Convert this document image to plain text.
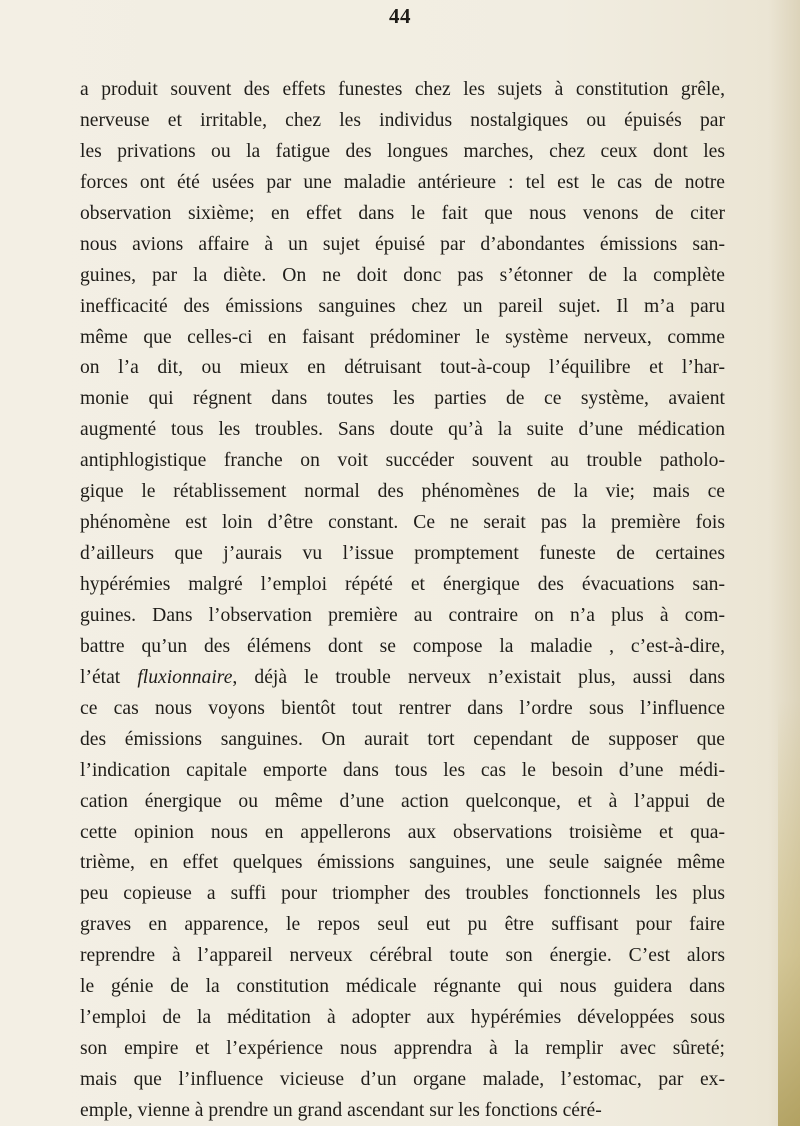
44
a produit souvent des effets funestes chez les sujets à constitution grêle,
nerveuse et irritable, chez les individus nostalgiques ou épuisés par
les privations ou la fatigue des longues marches, chez ceux dont les
forces ont été usées par une maladie antérieure : tel est le cas de notre
observation sixième; en effet dans le fait que nous venons de citer
nous avions affaire à un sujet épuisé par d’abondantes émissions san-
guines, par la diète. On ne doit donc pas s’étonner de la complète
inefficacité des émissions sanguines chez un pareil sujet. Il m’a paru
même que celles-ci en faisant prédominer le système nerveux, comme
on l’a dit, ou mieux en détruisant tout-à-coup l’équilibre et l’har-
monie qui régnent dans toutes les parties de ce système, avaient
augmenté tous les troubles. Sans doute qu’à la suite d’une médication
antiphlogistique franche on voit succéder souvent au trouble patholo-
gique le rétablissement normal des phénomènes de la vie; mais ce
phénomène est loin d’être constant. Ce ne serait pas la première fois
d’ailleurs que j’aurais vu l’issue promptement funeste de certaines
hypérémies malgré l’emploi répété et énergique des évacuations san-
guines. Dans l’observation première au contraire on n’a plus à com-
battre qu’un des élémens dont se compose la maladie , c’est-à-dire,
l’état fluxionnaire, déjà le trouble nerveux n’existait plus, aussi dans
ce cas nous voyons bientôt tout rentrer dans l’ordre sous l’influence
des émissions sanguines. On aurait tort cependant de supposer que
l’indication capitale emporte dans tous les cas le besoin d’une médi-
cation énergique ou même d’une action quelconque, et à l’appui de
cette opinion nous en appellerons aux observations troisième et qua-
trième, en effet quelques émissions sanguines, une seule saignée même
peu copieuse a suffi pour triompher des troubles fonctionnels les plus
graves en apparence, le repos seul eut pu être suffisant pour faire
reprendre à l’appareil nerveux cérébral toute son énergie. C’est alors
le génie de la constitution médicale régnante qui nous guidera dans
l’emploi de la méditation à adopter aux hypérémies développées sous
son empire et l’expérience nous apprendra à la remplir avec sûreté;
mais que l’influence vicieuse d’un organe malade, l’estomac, par ex-
emple, vienne à prendre un grand ascendant sur les fonctions céré-
